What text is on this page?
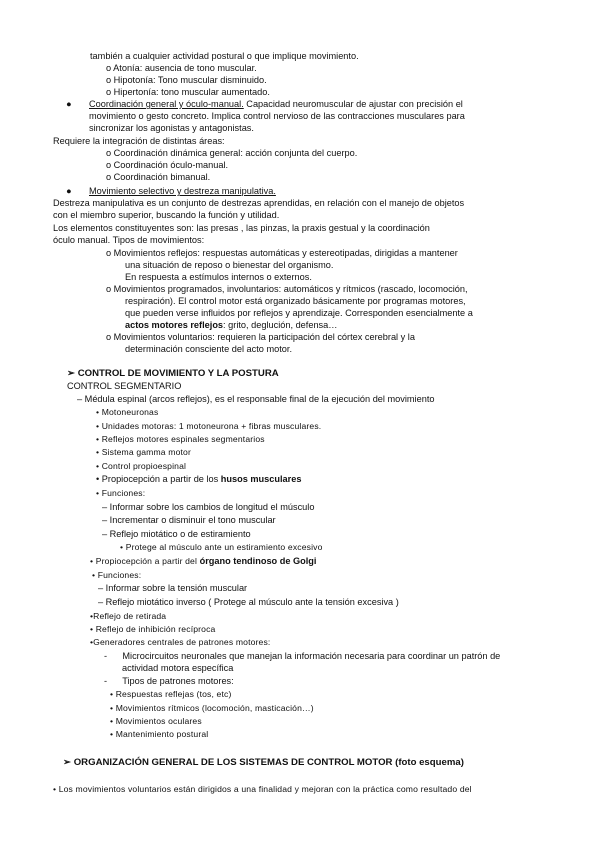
también a cualquier actividad postural o que implique movimiento.
o Atonía: ausencia de tono muscular.
o Hipotonía: Tono muscular disminuido.
o Hipertonía: tono muscular aumentado.
● Coordinación general y óculo-manual. Capacidad neuromuscular de ajustar con precisión el
movimiento o gesto concreto. Implica control nervioso de las contracciones musculares para
sincronizar los agonistas y antagonistas.
Requiere la integración de distintas áreas:
o Coordinación dinámica general: acción conjunta del cuerpo.
o Coordinación óculo-manual.
o Coordinación bimanual.
● Movimiento selectivo y destreza manipulativa.
Destreza manipulativa es un conjunto de destrezas aprendidas, en relación con el manejo de objetos
con el miembro superior, buscando la función y utilidad.
Los elementos constituyentes son: las presas , las pinzas, la praxis gestual y la coordinación
óculo manual. Tipos de movimientos:
o Movimientos reflejos: respuestas automáticas y estereotipadas, dirigidas a mantener
una situación de reposo o bienestar del organismo.
En respuesta a estímulos internos o externos.
o Movimientos programados, involuntarios: automáticos y rítmicos (rascado, locomoción,
respiración). El control motor está organizado básicamente por programas motores,
que pueden verse influidos por reflejos y aprendizaje. Corresponden esencialmente a
actos motores reflejos: grito, deglución, defensa…
o Movimientos voluntarios: requieren la participación del córtex cerebral y la
determinación consciente del acto motor.
➢ CONTROL DE MOVIMIENTO Y LA POSTURA
CONTROL SEGMENTARIO
– Médula espinal (arcos reflejos), es el responsable final de la ejecución del movimiento
• Motoneuronas
• Unidades motoras: 1 motoneurona + fibras musculares.
• Reflejos motores espinales segmentarios
• Sistema gamma motor
• Control propioespinal
• Propiocepción a partir de los husos musculares
• Funciones:
– Informar sobre los cambios de longitud el músculo
– Incrementar o disminuir el tono muscular
– Reflejo miotático o de estiramiento
• Protege al músculo ante un estiramiento excesivo
• Propiocepción a partir del órgano tendinoso de Golgi
• Funciones:
– Informar sobre la tensión muscular
– Reflejo miotático inverso ( Protege al músculo ante la tensión excesiva )
•Reflejo de retirada
• Reflejo de inhibición recíproca
•Generadores centrales de patrones motores:
-      Microcircuitos neuronales que manejan la información necesaria para coordinar un patrón de
actividad motora específica
-      Tipos de patrones motores:
• Respuestas reflejas (tos, etc)
• Movimientos rítmicos (locomoción, masticación…)
• Movimientos oculares
• Mantenimiento postural
➢ ORGANIZACIÓN GENERAL DE LOS SISTEMAS DE CONTROL MOTOR (foto esquema)
• Los movimientos voluntarios están dirigidos a una finalidad y mejoran con la práctica como resultado del
